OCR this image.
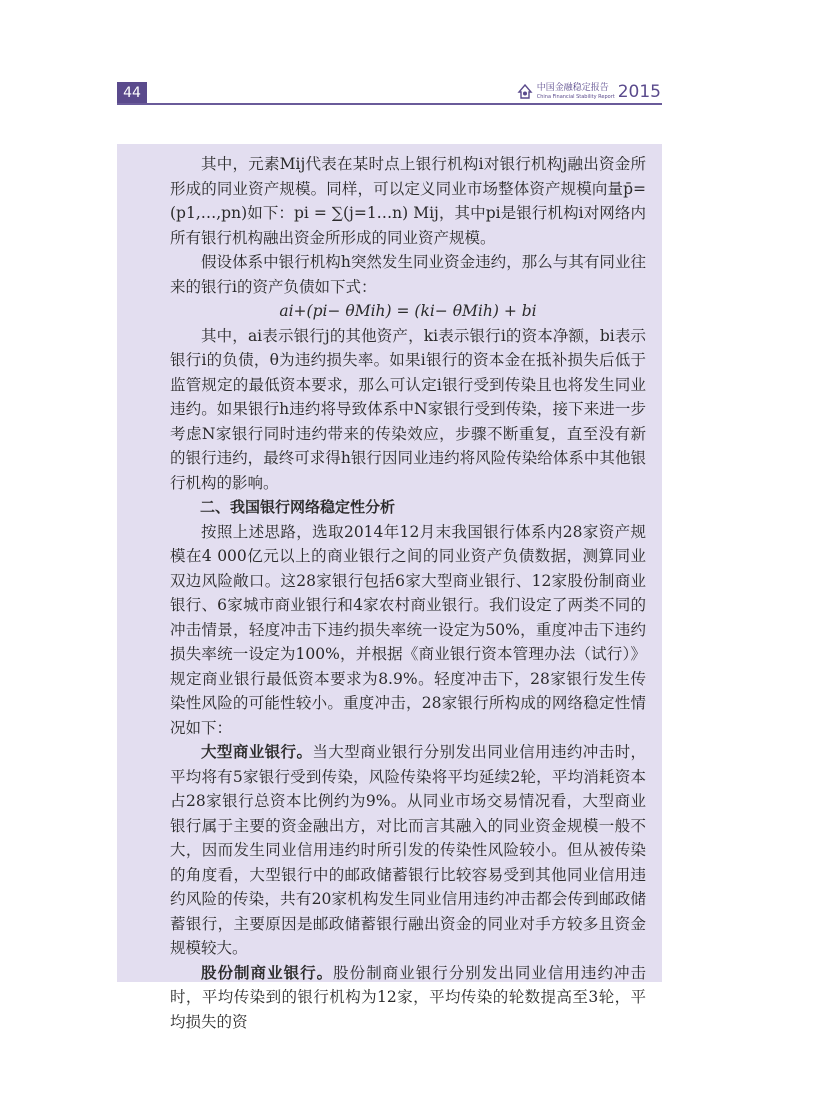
44	中国金融稳定报告
China Financial Stability Report 2015

其中，元素Mij代表在某时点上银行机构i对银行机构j融出资金所形成的同业资产规模。同样，可以定义同业市场整体资产规模向量p̄=(p1,…,pn)如下：pi = ∑(j=1…n) Mij，其中pi是银行机构i对网络内所有银行机构融出资金所形成的同业资产规模。

假设体系中银行机构h突然发生同业资金违约，那么与其有同业往来的银行i的资产负债如下式：

ai+(pi− θMih) = (ki− θMih) + bi

其中，ai表示银行j的其他资产，ki表示银行i的资本净额，bi表示银行i的负债，θ为违约损失率。如果i银行的资本金在抵补损失后低于监管规定的最低资本要求，那么可认定i银行受到传染且也将发生同业违约。如果银行h违约将导致体系中N家银行受到传染，接下来进一步考虑N家银行同时违约带来的传染效应，步骤不断重复，直至没有新的银行违约，最终可求得h银行因同业违约将风险传染给体系中其他银行机构的影响。

二、我国银行网络稳定性分析

按照上述思路，选取2014年12月末我国银行体系内28家资产规模在4 000亿元以上的商业银行之间的同业资产负债数据，测算同业双边风险敞口。这28家银行包括6家大型商业银行、12家股份制商业银行、6家城市商业银行和4家农村商业银行。我们设定了两类不同的冲击情景，轻度冲击下违约损失率统一设定为50%，重度冲击下违约损失率统一设定为100%，并根据《商业银行资本管理办法（试行）》规定商业银行最低资本要求为8.9%。轻度冲击下，28家银行发生传染性风险的可能性较小。重度冲击，28家银行所构成的网络稳定性情况如下：

大型商业银行。当大型商业银行分别发出同业信用违约冲击时，平均将有5家银行受到传染，风险传染将平均延续2轮，平均消耗资本占28家银行总资本比例约为9%。从同业市场交易情况看，大型商业银行属于主要的资金融出方，对比而言其融入的同业资金规模一般不大，因而发生同业信用违约时所引发的传染性风险较小。但从被传染的角度看，大型银行中的邮政储蓄银行比较容易受到其他同业信用违约风险的传染，共有20家机构发生同业信用违约冲击都会传到邮政储蓄银行，主要原因是邮政储蓄银行融出资金的同业对手方较多且资金规模较大。

股份制商业银行。股份制商业银行分别发出同业信用违约冲击时，平均传染到的银行机构为12家，平均传染的轮数提高至3轮，平均损失的资
